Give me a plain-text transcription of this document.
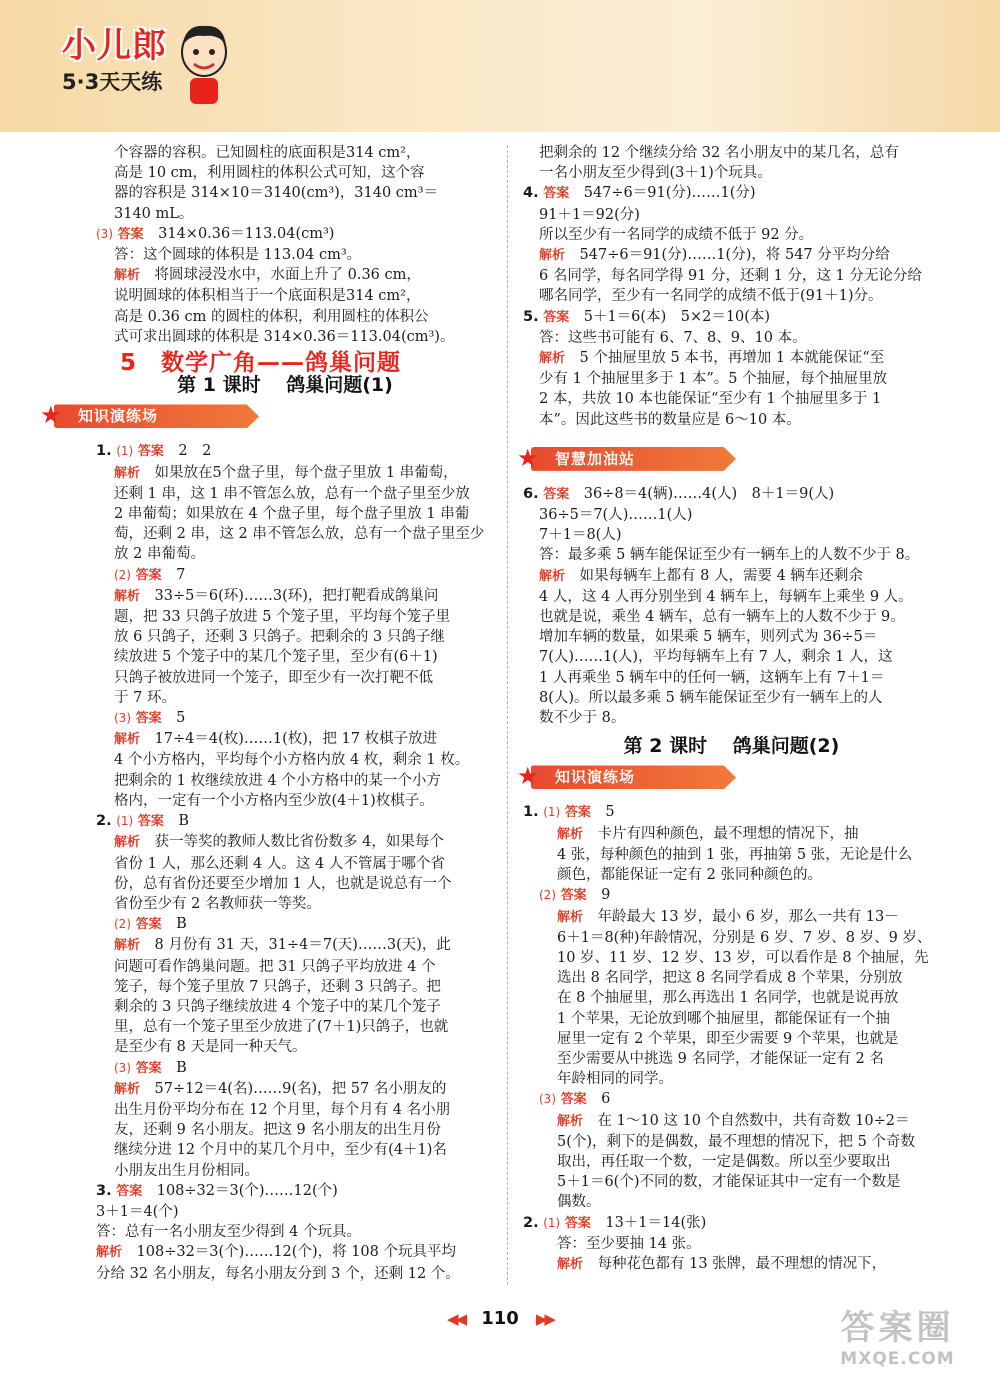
小儿郎
5·3天天练

个容器的容积。已知圆柱的底面积是314 cm²，

高是 10 cm，利用圆柱的体积公式可知，这个容

器的容积是 314×10＝3140(cm³)，3140 cm³＝

3140 mL。

(3) 答案　 314×0.36＝113.04(cm³)

答：这个圆球的体积是 113.04 cm³。

解析　 将圆球浸没水中，水面上升了 0.36 cm，

说明圆球的体积相当于一个底面积是314 cm²，

高是 0.36 cm 的圆柱的体积，利用圆柱的体积公

式可求出圆球的体积是 314×0.36＝113.04(cm³)。

5　数学广角——鸽巢问题
第 1 课时　 鸽巢问题(1)
★	知识演练场

1. (1) 答案　 2　2

解析　 如果放在5个盘子里，每个盘子里放 1 串葡萄，

还剩 1 串，这 1 串不管怎么放，总有一个盘子里至少放

2 串葡萄；如果放在 4 个盘子里，每个盘子里放 1 串葡

萄，还剩 2 串，这 2 串不管怎么放，总有一个盘子里至少

放 2 串葡萄。

(2) 答案　 7

解析　 33÷5＝6(环)……3(环)，把打靶看成鸽巢问

题，把 33 只鸽子放进 5 个笼子里，平均每个笼子里

放 6 只鸽子，还剩 3 只鸽子。把剩余的 3 只鸽子继

续放进 5 个笼子中的某几个笼子里，至少有(6＋1)

只鸽子被放进同一个笼子，即至少有一次打靶不低

于 7 环。

(3) 答案　 5

解析　 17÷4＝4(枚)……1(枚)，把 17 枚棋子放进

4 个小方格内，平均每个小方格内放 4 枚，剩余 1 枚。

把剩余的 1 枚继续放进 4 个小方格中的某一个小方

格内，一定有一个小方格内至少放(4＋1)枚棋子。

2. (1) 答案　 B

解析　 获一等奖的教师人数比省份数多 4，如果每个

省份 1 人，那么还剩 4 人。这 4 人不管属于哪个省

份，总有省份还要至少增加 1 人，也就是说总有一个

省份至少有 2 名教师获一等奖。

(2) 答案　 B

解析　 8 月份有 31 天，31÷4＝7(天)……3(天)，此

问题可看作鸽巢问题。把 31 只鸽子平均放进 4 个

笼子，每个笼子里放 7 只鸽子，还剩 3 只鸽子。把

剩余的 3 只鸽子继续放进 4 个笼子中的某几个笼子

里，总有一个笼子里至少放进了(7＋1)只鸽子，也就

是至少有 8 天是同一种天气。

(3) 答案　 B

解析　 57÷12＝4(名)……9(名)，把 57 名小朋友的

出生月份平均分布在 12 个月里，每个月有 4 名小朋

友，还剩 9 名小朋友。把这 9 名小朋友的出生月份

继续分进 12 个月中的某几个月中，至少有(4＋1)名

小朋友出生月份相同。

3. 答案　 108÷32＝3(个)……12(个)

3＋1＝4(个)

答：总有一名小朋友至少得到 4 个玩具。

解析　 108÷32＝3(个)……12(个)，将 108 个玩具平均

分给 32 名小朋友，每名小朋友分到 3 个，还剩 12 个。

把剩余的 12 个继续分给 32 名小朋友中的某几名，总有

一名小朋友至少得到(3＋1)个玩具。

4. 答案　 547÷6＝91(分)……1(分)

91＋1＝92(分)

所以至少有一名同学的成绩不低于 92 分。

解析　 547÷6＝91(分)……1(分)，将 547 分平均分给

6 名同学，每名同学得 91 分，还剩 1 分，这 1 分无论分给

哪名同学，至少有一名同学的成绩不低于(91＋1)分。

5. 答案　 5＋1＝6(本)　5×2＝10(本)

答：这些书可能有 6、7、8、9、10 本。

解析　 5 个抽屉里放 5 本书，再增加 1 本就能保证“至

少有 1 个抽屉里多于 1 本”。5 个抽屉，每个抽屉里放

2 本，共放 10 本也能保证“至少有 1 个抽屉里多于 1

本”。因此这些书的数量应是 6～10 本。

★	智慧加油站

6. 答案　 36÷8＝4(辆)……4(人)　8＋1＝9(人)

36÷5＝7(人)……1(人)

7＋1＝8(人)

答：最多乘 5 辆车能保证至少有一辆车上的人数不少于 8。

解析　 如果每辆车上都有 8 人，需要 4 辆车还剩余

4 人，这 4 人再分别坐到 4 辆车上，每辆车上乘坐 9 人。

也就是说，乘坐 4 辆车，总有一辆车上的人数不少于 9。

增加车辆的数量，如果乘 5 辆车，则列式为 36÷5＝

7(人)……1(人)，平均每辆车上有 7 人，剩余 1 人，这

1 人再乘坐 5 辆车中的任何一辆，这辆车上有 7＋1＝

8(人)。所以最多乘 5 辆车能保证至少有一辆车上的人

数不少于 8。

第 2 课时　 鸽巢问题(2)
★	知识演练场

1. (1) 答案　 5

解析　 卡片有四种颜色，最不理想的情况下，抽

4 张，每种颜色的抽到 1 张，再抽第 5 张，无论是什么

颜色，都能保证一定有 2 张同种颜色的。

(2) 答案　 9

解析　 年龄最大 13 岁，最小 6 岁，那么一共有 13－

6＋1＝8(种)年龄情况，分别是 6 岁、7 岁、8 岁、9 岁、

10 岁、11 岁、12 岁、13 岁，可以看作是 8 个抽屉，先

选出 8 名同学，把这 8 名同学看成 8 个苹果，分别放

在 8 个抽屉里，那么再选出 1 名同学，也就是说再放

1 个苹果，无论放到哪个抽屉里，都能保证有一个抽

屉里一定有 2 个苹果，即至少需要 9 个苹果，也就是

至少需要从中挑选 9 名同学，才能保证一定有 2 名

年龄相同的同学。

(3) 答案　 6

解析　 在 1～10 这 10 个自然数中，共有奇数 10÷2＝

5(个)，剩下的是偶数，最不理想的情况下，把 5 个奇数

取出，再任取一个数，一定是偶数。所以至少要取出

5＋1＝6(个)不同的数，才能保证其中一定有一个数是

偶数。

2. (1) 答案　 13＋1＝14(张)

答：至少要抽 14 张。

解析　 每种花色都有 13 张牌，最不理想的情况下，

◀◀ 110 ▶▶	答案圈
MXQE.COM
